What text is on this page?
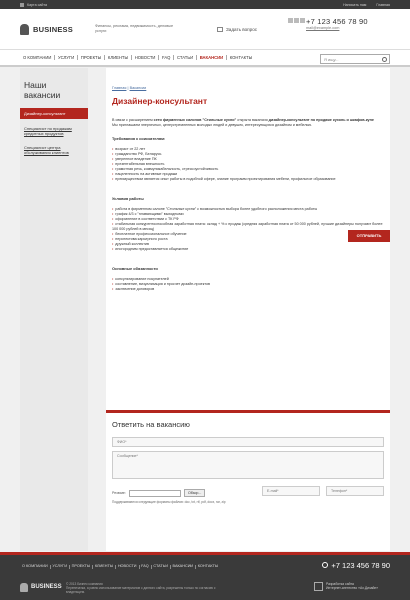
Карта сайта	Написать нам	Главная
BUSINESS	Финансы, реклама, недвижимость, деловые услуги	Задать вопрос
+7 123 456 78 90
mail@example.com
О КОМПАНИИ	УСЛУГИ	ПРОЕКТЫ	КЛИЕНТЫ	НОВОСТИ	FAQ	СТАТЬИ	ВАКАНСИИ	КОНТАКТЫ	Я ищу...
Наши вакансии
Дизайнер-консультант
Специалист по продажам кредитных продуктов
Специалист центра обслуживания клиентов
Главная | Вакансии
Дизайнер-консультант

В связи с расширением сети фирменных салонов "Стильные кухни" открыта вакансия дизайнер-консультант по продаже кухонь и шкафов-купе
Мы приглашаем энергичных, целеустремленных молодых людей и девушек, интересующихся дизайном и мебелью.

Требования к соискателям:
• возраст от 22 лет
• гражданство РФ, Беларусь
• уверенное владение ПК
• презентабельная внешность
• грамотная речь, коммуникабельность, стрессоустойчивость
• нацеленность на активные продажи
• преимуществом является опыт работы в подобной сфере, знание программ проектирования мебели, профильное образование
Условия работы
• работа в фирменном салоне "Стильные кухни" с возможностью выбора более удобного расположения места работы
• график 4/3 с "плавающими" выходными
• оформление в соответствии с ТК РФ
• стабильная конкурентоспособная заработная плата: оклад + % с продаж (средняя заработная плата от 50 000 рублей, лучшие дизайнеры получают более 100 000 рублей в месяц)
• бесплатное профессиональное обучение
• перспектива карьерного роста
• дружный коллектив
• иногородним предоставляется общежитие
Основные обязанности
• консультирование покупателей
• составление, визуализация и просчет дизайн-проектов
• заключение договоров
Ответить на вакансию
ФИО*
Сообщение*
Резюме:	Обзор...	E-mail*	Телефон*
Поддерживаются следующие форматы файлов: doc, txt, rtf, pdf, docx, rar, zip
ОТПРАВИТЬ
О КОМПАНИИ	УСЛУГИ	ПРОЕКТЫ	КЛИЕНТЫ	НОВОСТИ	FAQ	СТАТЬИ	ВАКАНСИИ	КОНТАКТЫ	+7 123 456 78 90
BUSINESS © 2013 Бизнес компания
Перепечатка, а равно использование материалов с данного сайта, разрешены только по согласию с владельцем.
Разработка сайта
Интернет-агентство «Ах.Дизайн»
